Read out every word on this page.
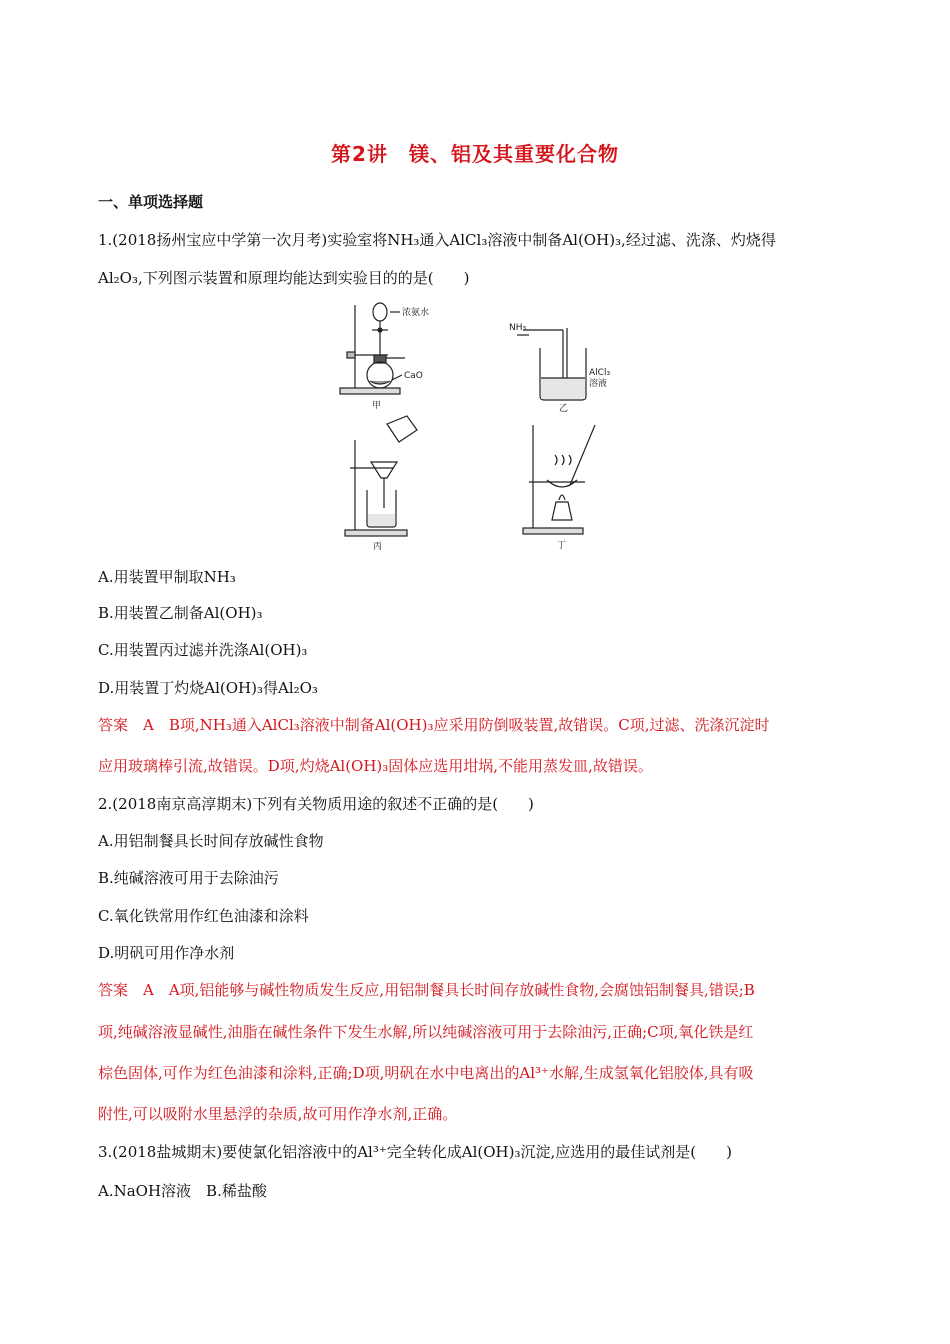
第2讲　镁、铝及其重要化合物
一、单项选择题
1.(2018扬州宝应中学第一次月考)实验室将NH₃通入AlCl₃溶液中制备Al(OH)₃,经过滤、洗涤、灼烧得
Al₂O₃,下列图示装置和原理均能达到实验目的的是(　　)
浓氨水
CaO
甲
NH₃
AlCl₃
溶液
乙
丙	丁
A.用装置甲制取NH₃
B.用装置乙制备Al(OH)₃
C.用装置丙过滤并洗涤Al(OH)₃
D.用装置丁灼烧Al(OH)₃得Al₂O₃
答案　A　B项,NH₃通入AlCl₃溶液中制备Al(OH)₃应采用防倒吸装置,故错误。C项,过滤、洗涤沉淀时
应用玻璃棒引流,故错误。D项,灼烧Al(OH)₃固体应选用坩埚,不能用蒸发皿,故错误。
2.(2018南京高淳期末)下列有关物质用途的叙述不正确的是(　　)
A.用铝制餐具长时间存放碱性食物
B.纯碱溶液可用于去除油污
C.氧化铁常用作红色油漆和涂料
D.明矾可用作净水剂
答案　A　A项,铝能够与碱性物质发生反应,用铝制餐具长时间存放碱性食物,会腐蚀铝制餐具,错误;B
项,纯碱溶液显碱性,油脂在碱性条件下发生水解,所以纯碱溶液可用于去除油污,正确;C项,氧化铁是红
棕色固体,可作为红色油漆和涂料,正确;D项,明矾在水中电离出的Al³⁺水解,生成氢氧化铝胶体,具有吸
附性,可以吸附水里悬浮的杂质,故可用作净水剂,正确。
3.(2018盐城期末)要使氯化铝溶液中的Al³⁺完全转化成Al(OH)₃沉淀,应选用的最佳试剂是(　　)
A.NaOH溶液　B.稀盐酸
